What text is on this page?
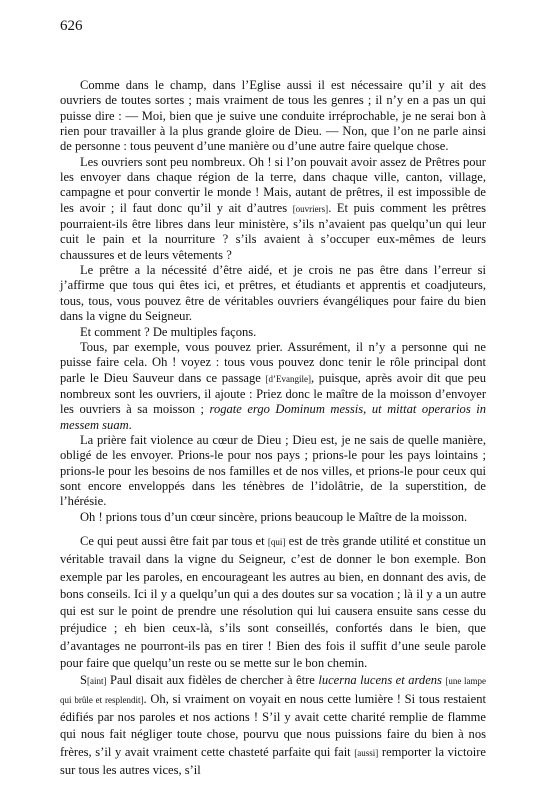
626

Comme dans le champ, dans l’Eglise aussi il est nécessaire qu’il y ait des ouvriers de toutes sortes ; mais vraiment de tous les genres ; il n’y en a pas un qui puisse dire : — Moi, bien que je suive une conduite irréprochable, je ne serai bon à rien pour travailler à la plus grande gloire de Dieu. — Non, que l’on ne parle ainsi de personne : tous peuvent d’une manière ou d’une autre faire quelque chose.

Les ouvriers sont peu nombreux. Oh ! si l’on pouvait avoir assez de Prêtres pour les envoyer dans chaque région de la terre, dans chaque ville, canton, village, campagne et pour convertir le monde ! Mais, autant de prêtres, il est impossible de les avoir ; il faut donc qu’il y ait d’autres [ouvriers]. Et puis comment les prêtres pourraient-ils être libres dans leur ministère, s’ils n’avaient pas quelqu’un qui leur cuit le pain et la nourriture ? s’ils avaient à s’occuper eux-mêmes de leurs chaussures et de leurs vêtements ?

Le prêtre a la nécessité d’être aidé, et je crois ne pas être dans l’erreur si j’affirme que tous qui êtes ici, et prêtres, et étudiants et apprentis et coadjuteurs, tous, tous, vous pouvez être de véritables ouvriers évangéliques pour faire du bien dans la vigne du Seigneur.

Et comment ? De multiples façons.

Tous, par exemple, vous pouvez prier. Assurément, il n’y a personne qui ne puisse faire cela. Oh ! voyez : tous vous pouvez donc tenir le rôle principal dont parle le Dieu Sauveur dans ce passage [d’Evangile], puisque, après avoir dit que peu nombreux sont les ouvriers, il ajoute : Priez donc le maître de la moisson d’envoyer les ouvriers à sa moisson ; rogate ergo Dominum messis, ut mittat operarios in messem suam.

La prière fait violence au cœur de Dieu ; Dieu est, je ne sais de quelle manière, obligé de les envoyer. Prions-le pour nos pays ; prions-le pour les pays lointains ; prions-le pour les besoins de nos familles et de nos villes, et prions-le pour ceux qui sont encore enveloppés dans les ténèbres de l’idolâtrie, de la superstition, de l’hérésie.

Oh ! prions tous d’un cœur sincère, prions beaucoup le Maître de la moisson.

Ce qui peut aussi être fait par tous et [qui] est de très grande utilité et constitue un véritable travail dans la vigne du Seigneur, c’est de donner le bon exemple. Bon exemple par les paroles, en encourageant les autres au bien, en donnant des avis, de bons conseils. Ici il y a quelqu’un qui a des doutes sur sa vocation ; là il y a un autre qui est sur le point de prendre une résolution qui lui causera ensuite sans cesse du préjudice ; eh bien ceux-là, s’ils sont conseillés, confortés dans le bien, que d’avantages ne pourront-ils pas en tirer ! Bien des fois il suffit d’une seule parole pour faire que quelqu’un reste ou se mette sur le bon chemin.

S[aint] Paul disait aux fidèles de chercher à être lucerna lucens et ardens [une lampe qui brûle et resplendit]. Oh, si vraiment on voyait en nous cette lumière ! Si tous restaient édifiés par nos paroles et nos actions ! S’il y avait cette charité remplie de flamme qui nous fait négliger toute chose, pourvu que nous puissions faire du bien à nos frères, s’il y avait vraiment cette chasteté parfaite qui fait [aussi] remporter la victoire sur tous les autres vices, s’il
